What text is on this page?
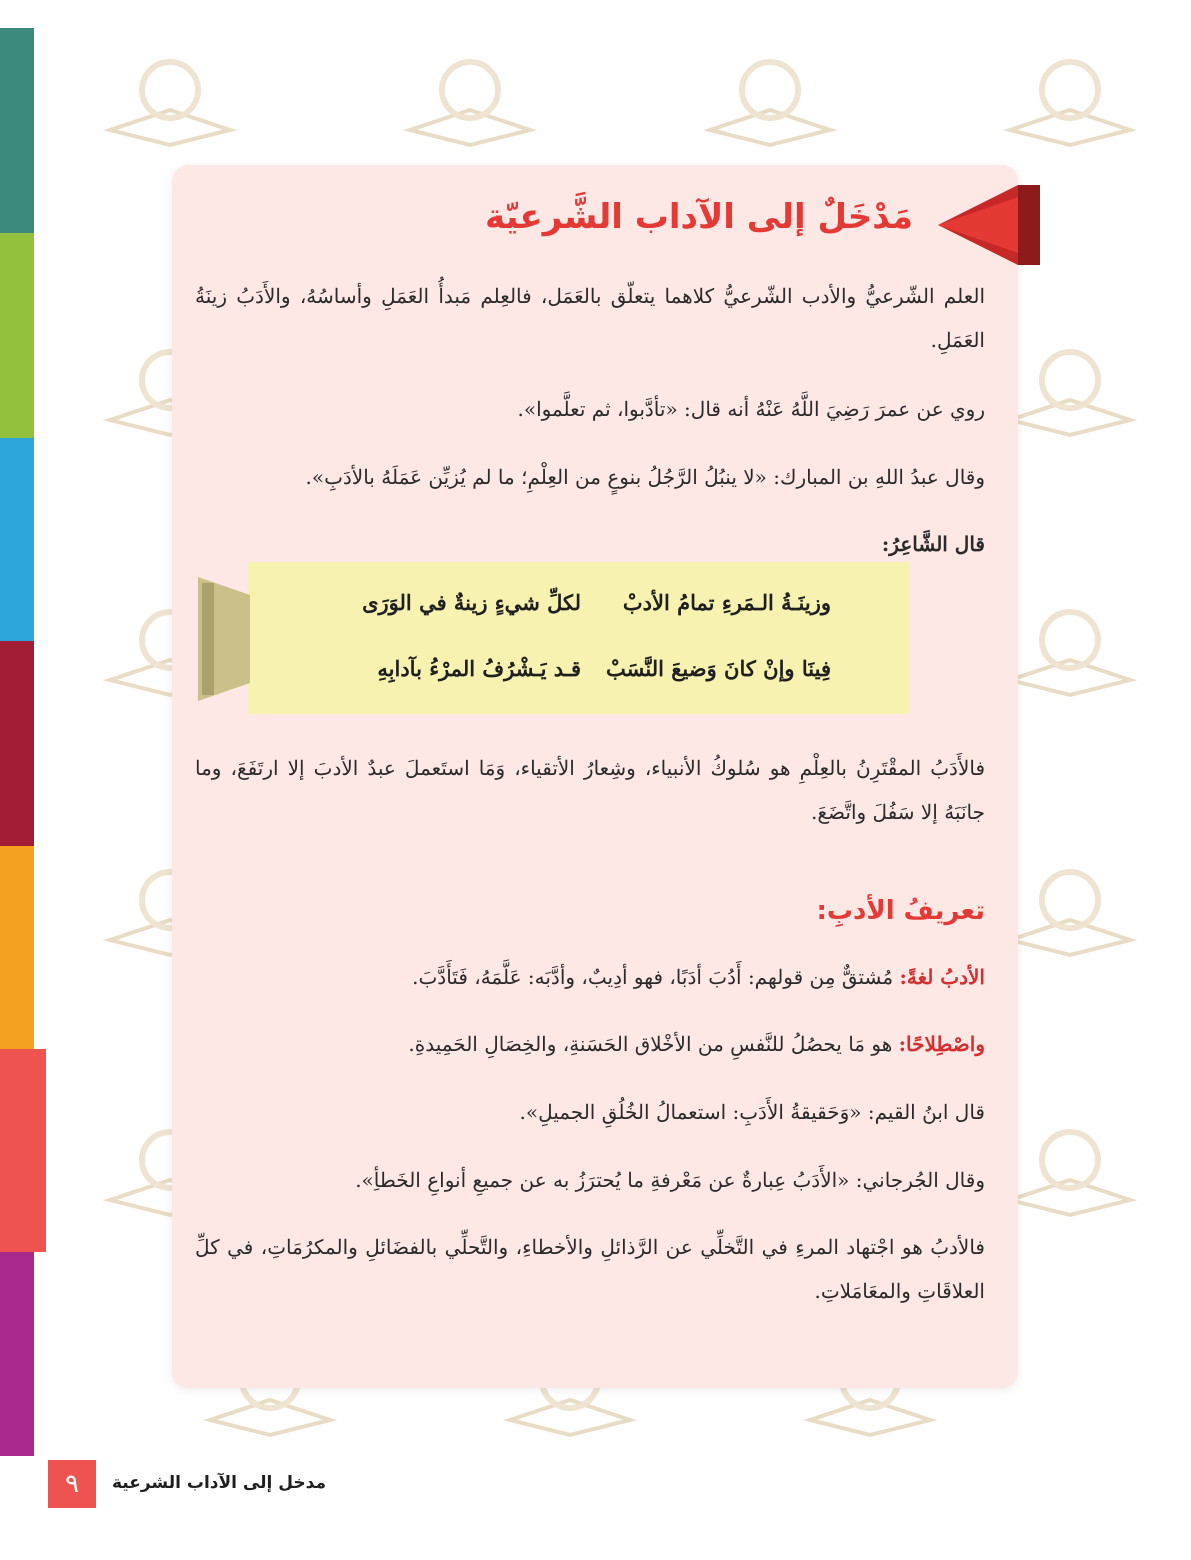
مَدْخَلٌ إلى الآداب الشَّرعيّة
العلم الشّرعيُّ والأدب الشّرعيُّ كلاهما يتعلّق بالعَمَل، فالعِلم مَبدأُ العَمَلِ وأساسُهُ، والأَدَبُ زينَةُ العَمَلِ.
روي عن عمرَ رَضِيَ اللَّهُ عَنْهُ أنه قال: «تأدَّبوا، ثم تعلَّموا».
وقال عبدُ اللهِ بن المبارك: «لا ينبُلُ الرَّجُلُ بنوعٍ من العِلْمِ؛ ما لم يُزيِّن عَمَلَهُ بالأدَبِ».
قال الشَّاعِرُ:
وزينَـةُ الـمَرءِ تمامُ الأدبْ
لكلِّ شيءٍ زينةٌ في الوَرَى
فِينَا وإنْ كانَ وَضيعَ النَّسَبْ
قـد يَـشْرُفُ المرْءُ بآدابِهِ
فالأَدَبُ المقْتَرِنُ بالعِلْمِ هو سُلوكُ الأنبياء، وشِعارُ الأتقياء، وَمَا استَعملَ عبدٌ الأدبَ إلا ارتَفَعَ، وما جانَبَهُ إلا سَفُلَ واتَّضَعَ.
تعريفُ الأدبِ:
الأدبُ لغةً: مُشتقٌّ مِن قولهم: أَدُبَ أدَبًا، فهو أدِيبٌ، وأدَّبَه: عَلَّمَهُ، فَتَأَدَّبَ.
واصْطِلاحًا: هو مَا يحصُلُ للنَّفسِ من الأخْلاق الحَسَنةِ، والخِصَالِ الحَمِيدةِ.
قال ابنُ القيم: «وَحَقيقةُ الأَدَبِ: استعمالُ الخُلُقِ الجميلِ».
وقال الجُرجاني: «الأَدَبُ عِبارةٌ عن مَعْرفةِ ما يُحترَزُ به عن جميعِ أنواعِ الخَطأِ».
فالأدبُ هو اجْتهاد المرءِ في التَّخلِّي عن الرَّذائلِ والأخطاءِ، والتَّحلِّي بالفضَائلِ والمكرُمَاتِ، في كلِّ العلاقَاتِ والمعَامَلاتِ.
٩	مدخل إلى الآداب الشرعية
